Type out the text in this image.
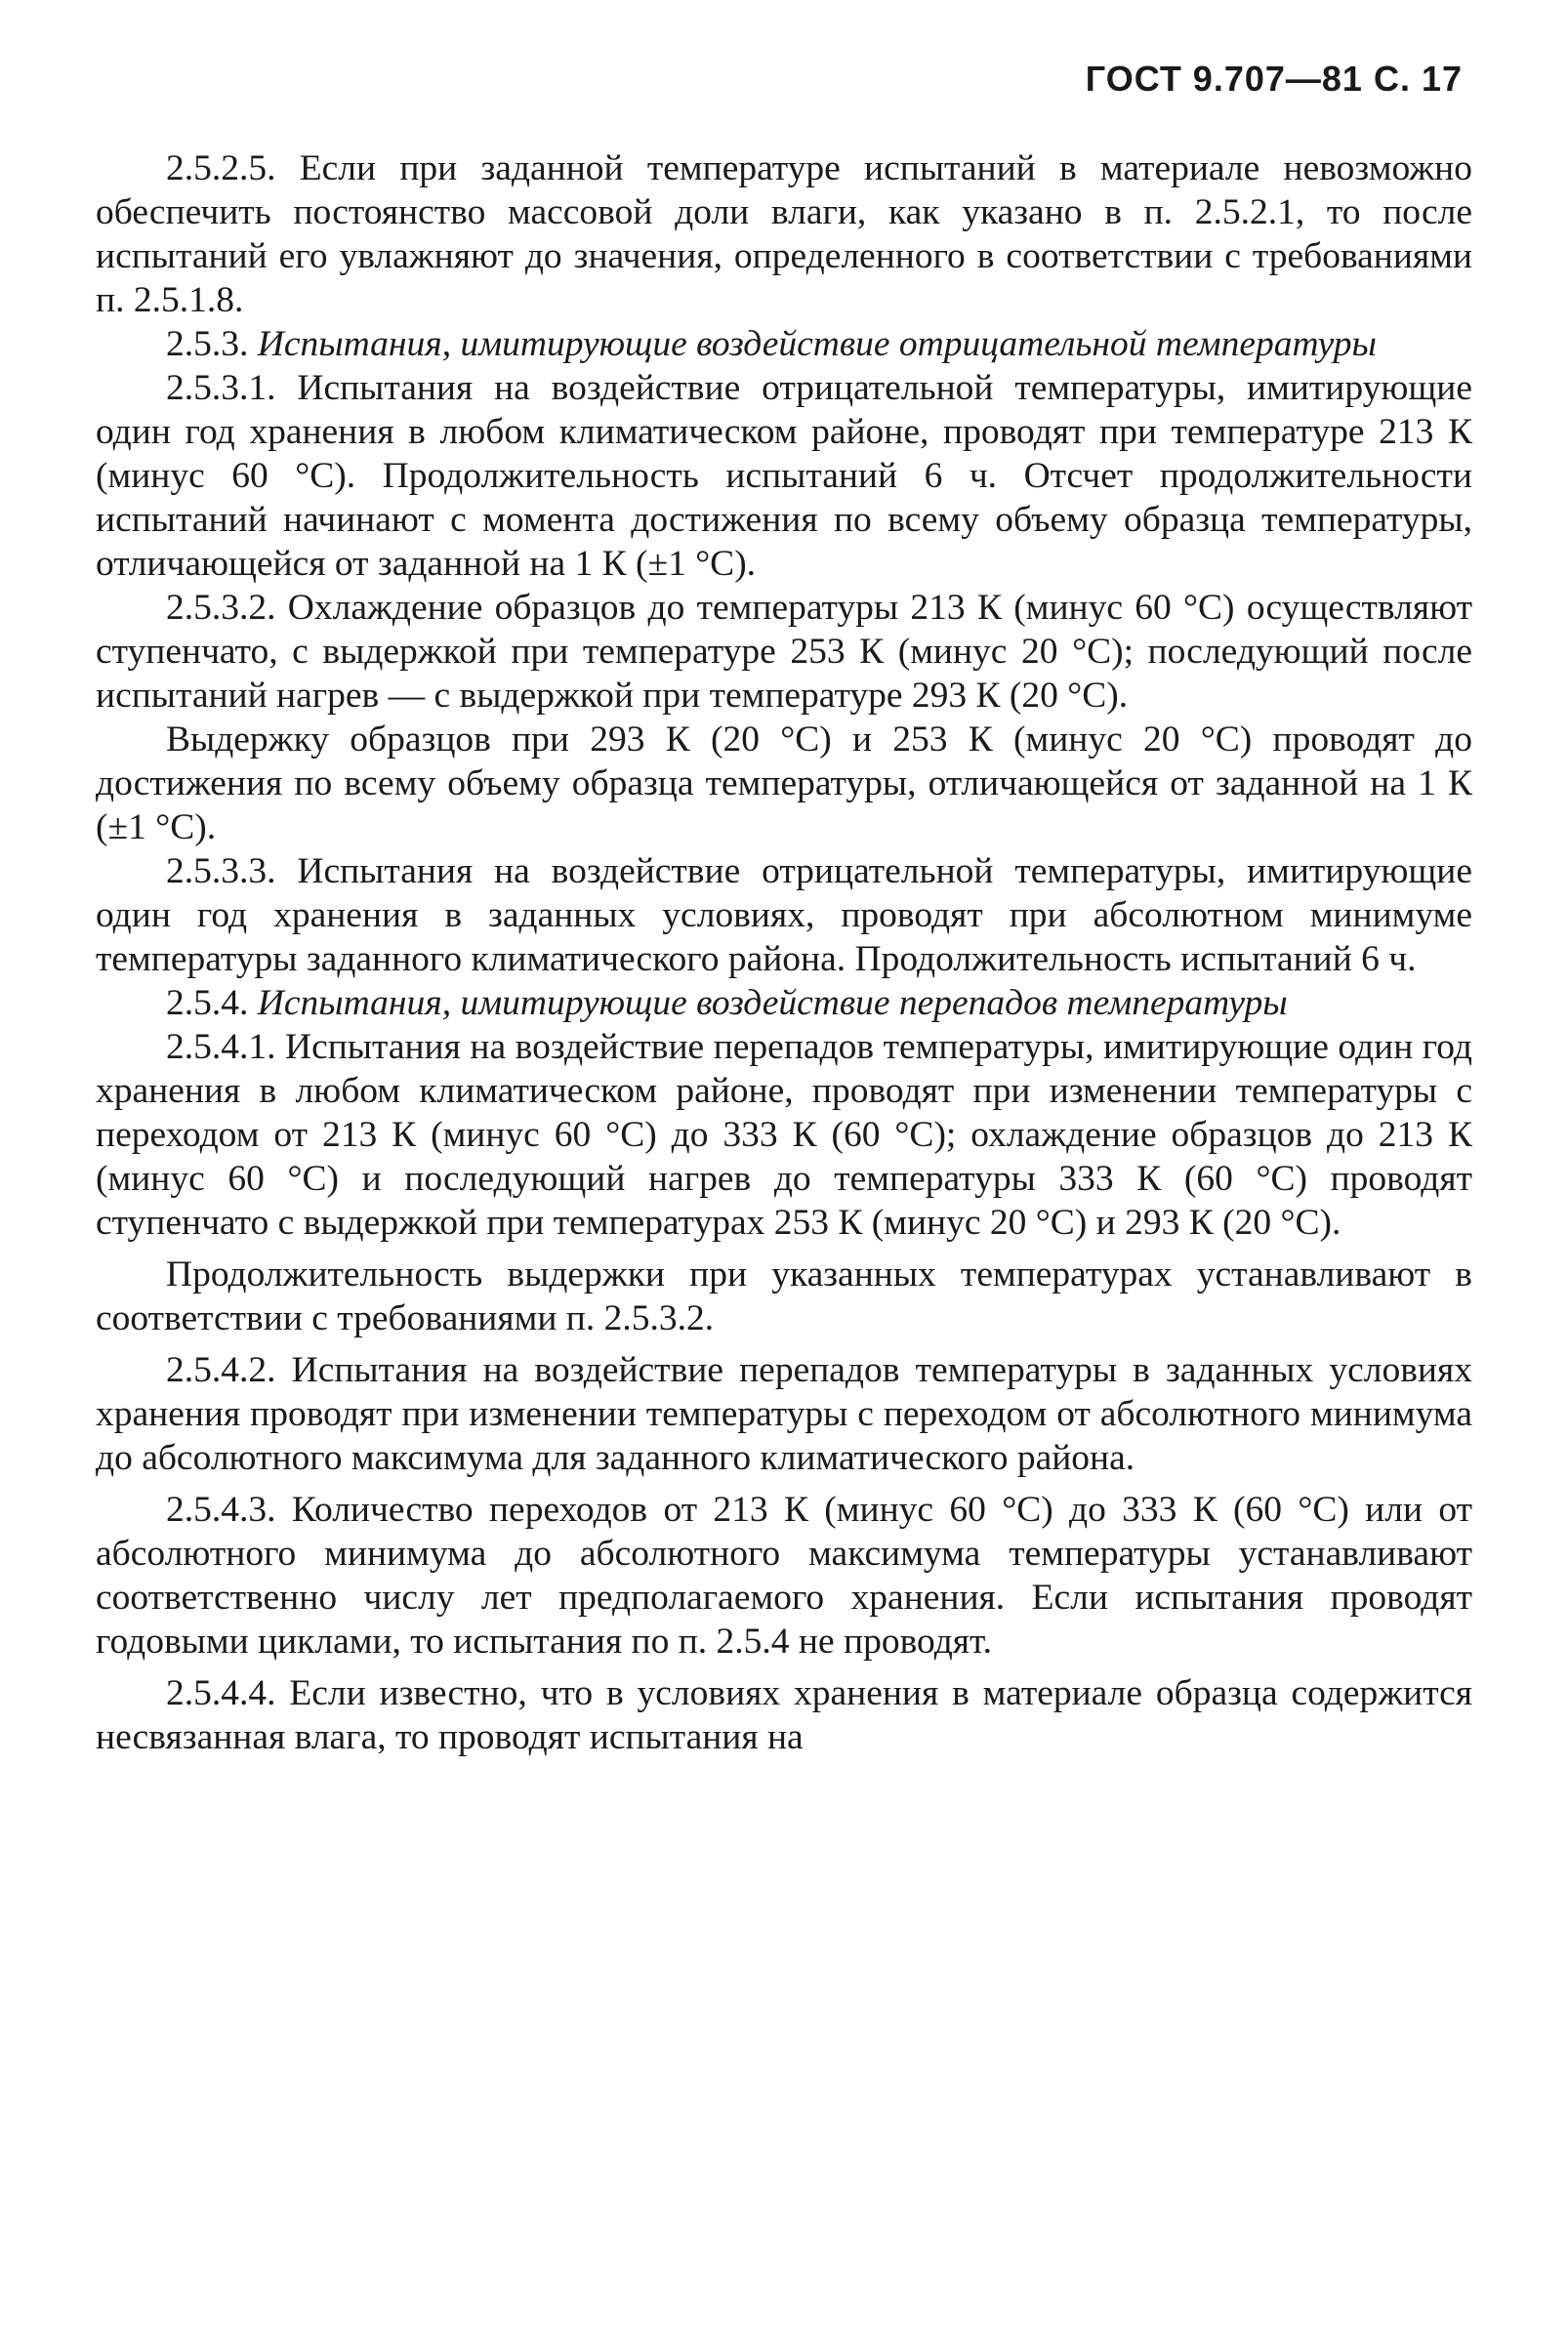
ГОСТ 9.707—81 С. 17

2.5.2.5. Если при заданной температуре испытаний в материале невозможно обеспечить постоянство массовой доли влаги, как указано в п. 2.5.2.1, то после испытаний его увлажняют до значения, определенного в соответствии с требованиями п. 2.5.1.8.

2.5.3. Испытания, имитирующие воздействие отрицательной температуры

2.5.3.1. Испытания на воздействие отрицательной температуры, имитирующие один год хранения в любом климатическом районе, проводят при температуре 213 К (минус 60 °С). Продолжительность испытаний 6 ч. Отсчет продолжительности испытаний начинают с момента достижения по всему объему образца температуры, отличающейся от заданной на 1 К (±1 °С).

2.5.3.2. Охлаждение образцов до температуры 213 К (минус 60 °С) осуществляют ступенчато, с выдержкой при температуре 253 К (минус 20 °С); последующий после испытаний нагрев — с выдержкой при температуре 293 К (20 °С).

Выдержку образцов при 293 К (20 °С) и 253 К (минус 20 °С) проводят до достижения по всему объему образца температуры, отличающейся от заданной на 1 К (±1 °С).

2.5.3.3. Испытания на воздействие отрицательной температуры, имитирующие один год хранения в заданных условиях, проводят при абсолютном минимуме температуры заданного климатического района. Продолжительность испытаний 6 ч.

2.5.4. Испытания, имитирующие воздействие перепадов температуры

2.5.4.1. Испытания на воздействие перепадов температуры, имитирующие один год хранения в любом климатическом районе, проводят при изменении температуры с переходом от 213 К (минус 60 °С) до 333 К (60 °С); охлаждение образцов до 213 К (минус 60 °С) и последующий нагрев до температуры 333 К (60 °С) проводят ступенчато с выдержкой при температурах 253 К (минус 20 °С) и 293 К (20 °С).

Продолжительность выдержки при указанных температурах устанавливают в соответствии с требованиями п. 2.5.3.2.

2.5.4.2. Испытания на воздействие перепадов температуры в заданных условиях хранения проводят при изменении температуры с переходом от абсолютного минимума до абсолютного максимума для заданного климатического района.

2.5.4.3. Количество переходов от 213 К (минус 60 °С) до 333 К (60 °С) или от абсолютного минимума до абсолютного максимума температуры устанавливают соответственно числу лет предполагаемого хранения. Если испытания проводят годовыми циклами, то испытания по п. 2.5.4 не проводят.

2.5.4.4. Если известно, что в условиях хранения в материале образца содержится несвязанная влага, то проводят испытания на
